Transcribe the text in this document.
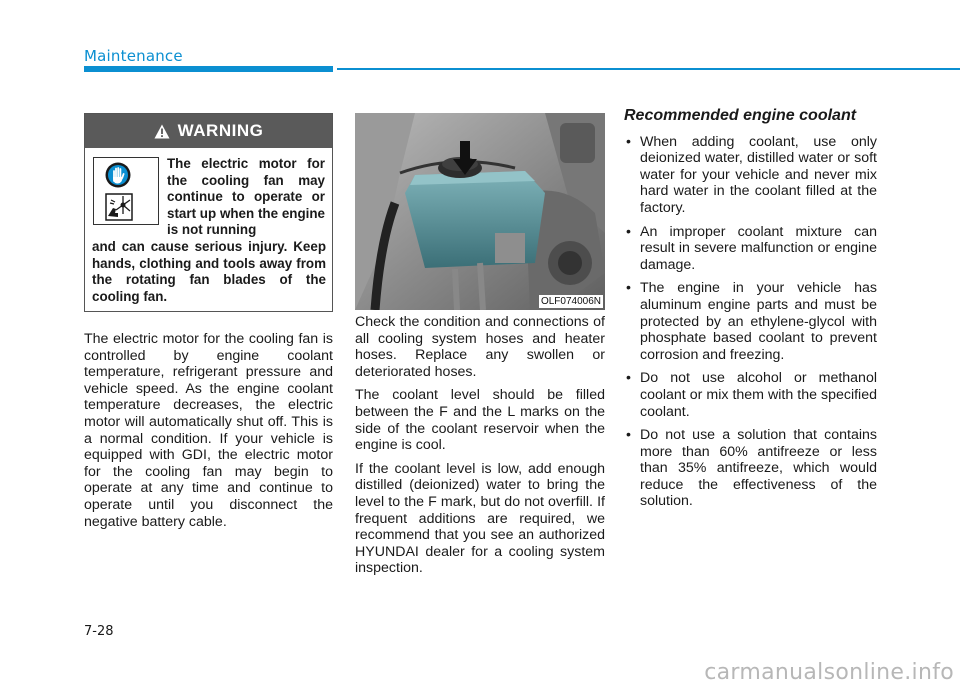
Maintenance
WARNING
The electric motor for the cooling fan may continue to operate or start up when the engine is not running
and can cause serious injury. Keep hands, clothing and tools away from the rotating fan blades of the cooling fan.

The electric motor for the cooling fan is controlled by engine coolant temperature, refrigerant pressure and vehicle speed. As the engine coolant temperature decreases, the electric motor will automatically shut off. This is a normal condition. If your vehicle is equipped with GDI, the electric motor for the cooling fan may begin to operate at any time and continue to operate until you disconnect the negative battery cable.

OLF074006N

Check the condition and connections of all cooling system hoses and heater hoses. Replace any swollen or deteriorated hoses.

The coolant level should be filled between the F and the L marks on the side of the coolant reservoir when the engine is cool.

If the coolant level is low, add enough distilled (deionized) water to bring the level to the F mark, but do not overfill. If frequent additions are required, we recommend that you see an authorized HYUNDAI dealer for a cooling system inspection.

Recommended engine coolant
• When adding coolant, use only deionized water, distilled water or soft water for your vehicle and never mix hard water in the coolant filled at the factory.
• An improper coolant mixture can result in severe malfunction or engine damage.
• The engine in your vehicle has aluminum engine parts and must be protected by an ethylene-glycol with phosphate based coolant to prevent corrosion and freezing.
• Do not use alcohol or methanol coolant or mix them with the specified coolant.
• Do not use a solution that contains more than 60% antifreeze or less than 35% antifreeze, which would reduce the effectiveness of the solution.
7-28
carmanualsonline.info
